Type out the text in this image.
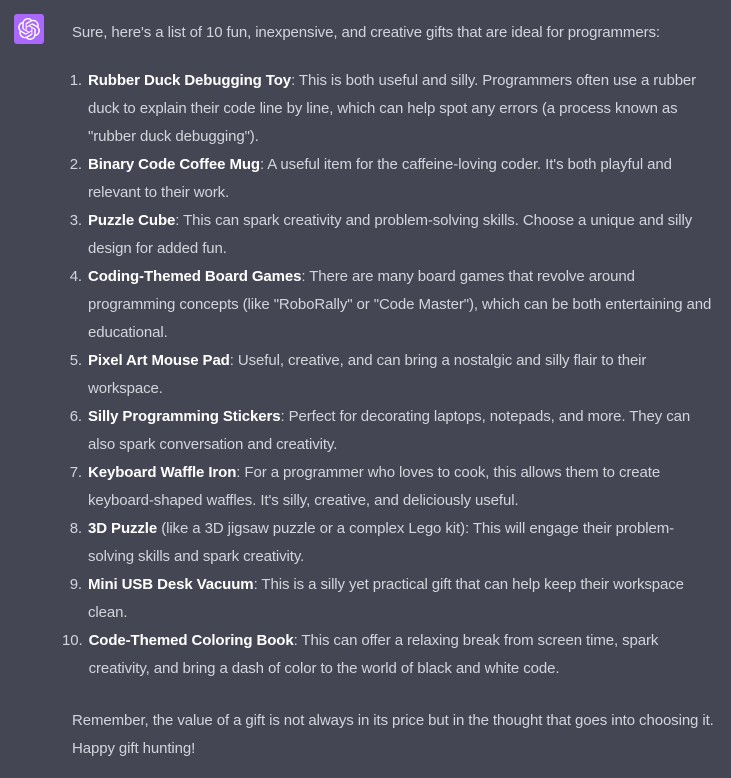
Sure, here's a list of 10 fun, inexpensive, and creative gifts that are ideal for programmers:

1. Rubber Duck Debugging Toy: This is both useful and silly. Programmers often use a rubber duck to explain their code line by line, which can help spot any errors (a process known as "rubber duck debugging").
2. Binary Code Coffee Mug: A useful item for the caffeine-loving coder. It's both playful and relevant to their work.
3. Puzzle Cube: This can spark creativity and problem-solving skills. Choose a unique and silly design for added fun.
4. Coding-Themed Board Games: There are many board games that revolve around programming concepts (like "RoboRally" or "Code Master"), which can be both entertaining and educational.
5. Pixel Art Mouse Pad: Useful, creative, and can bring a nostalgic and silly flair to their workspace.
6. Silly Programming Stickers: Perfect for decorating laptops, notepads, and more. They can also spark conversation and creativity.
7. Keyboard Waffle Iron: For a programmer who loves to cook, this allows them to create keyboard-shaped waffles. It's silly, creative, and deliciously useful.
8. 3D Puzzle (like a 3D jigsaw puzzle or a complex Lego kit): This will engage their problem-solving skills and spark creativity.
9. Mini USB Desk Vacuum: This is a silly yet practical gift that can help keep their workspace clean.
10. Code-Themed Coloring Book: This can offer a relaxing break from screen time, spark creativity, and bring a dash of color to the world of black and white code.

Remember, the value of a gift is not always in its price but in the thought that goes into choosing it. Happy gift hunting!
